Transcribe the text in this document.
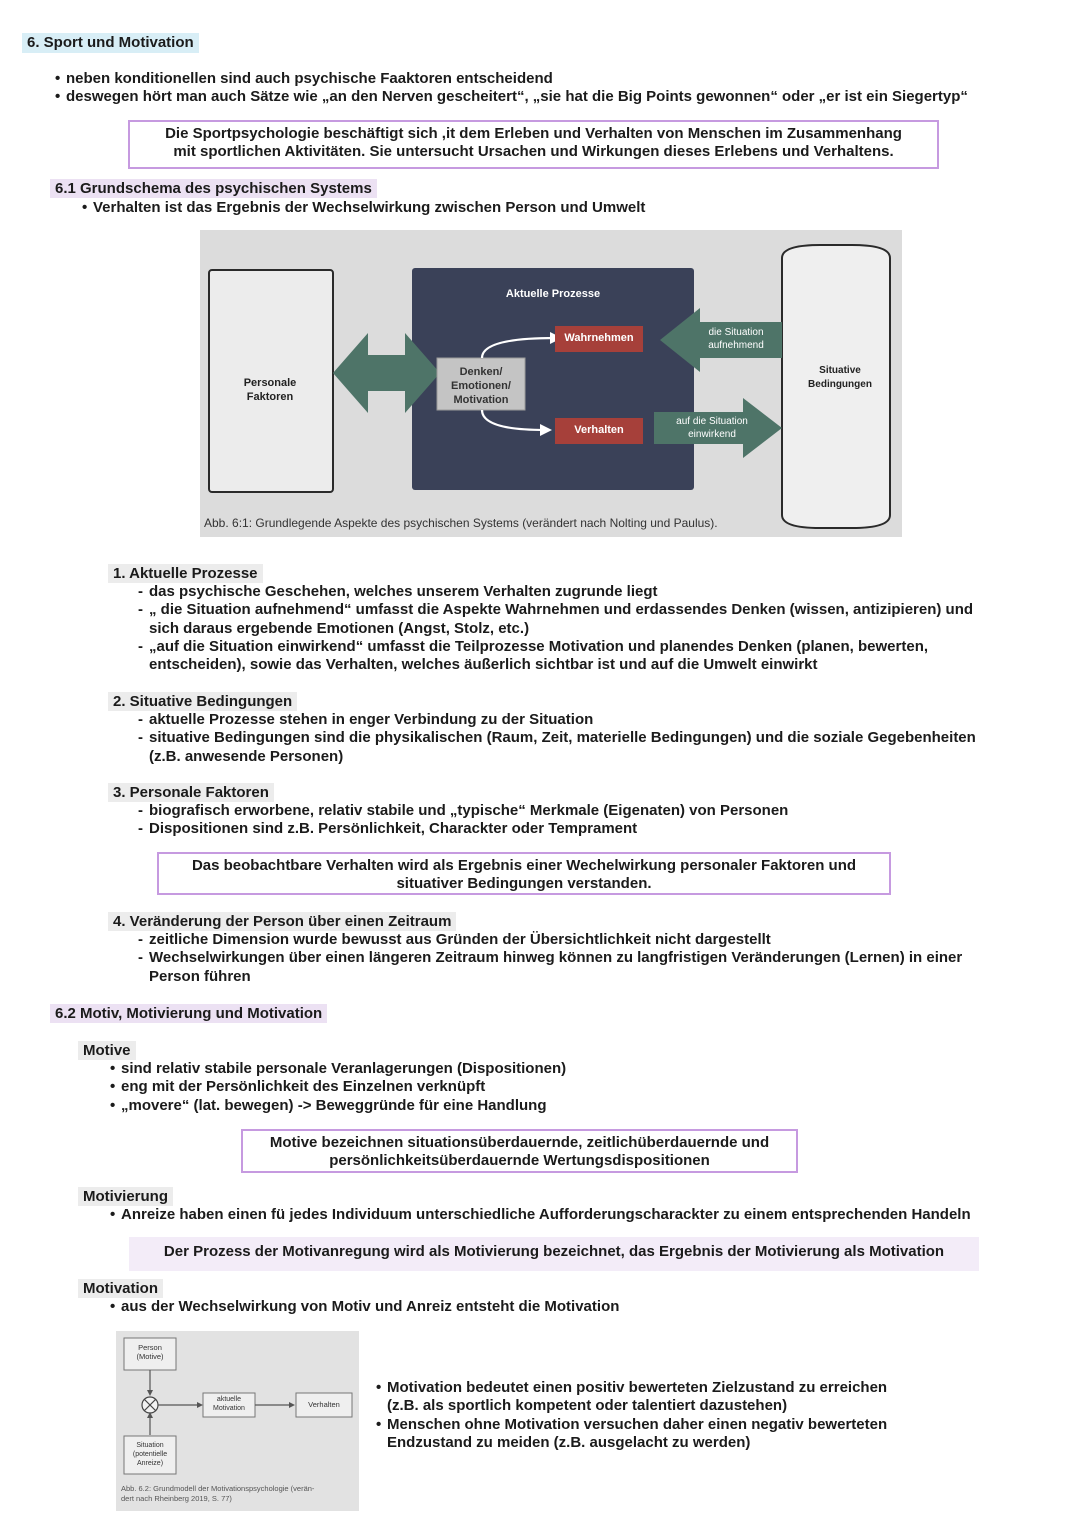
6. Sport und Motivation
• neben konditionellen sind auch psychische Faaktoren entscheidend
• deswegen hört man auch Sätze wie „an den Nerven gescheitert“, „sie hat die Big Points gewonnen“ oder „er ist ein Siegertyp“
Die Sportpsychologie beschäftigt sich ,it dem Erleben und Verhalten von Menschen im Zusammenhang
mit sportlichen Aktivitäten. Sie untersucht Ursachen und Wirkungen dieses Erlebens und Verhaltens.
6.1 Grundschema des psychischen Systems
• Verhalten ist das Ergebnis der Wechselwirkung zwischen Person und Umwelt
Personale
Faktoren
Aktuelle Prozesse
Denken/
Emotionen/
Motivation
Wahrnehmen
Verhalten
die Situation
aufnehmend
auf die Situation
einwirkend
Situative
Bedingungen
Abb. 6:1: Grundlegende Aspekte des psychischen Systems (verändert nach Nolting und Paulus).
1. Aktuelle Prozesse
- das psychische Geschehen, welches unserem Verhalten zugrunde liegt
- „ die Situation aufnehmend“ umfasst die Aspekte Wahrnehmen und erdassendes Denken (wissen, antizipieren) und
sich daraus ergebende Emotionen (Angst, Stolz, etc.)
- „auf die Situation einwirkend“ umfasst die Teilprozesse Motivation und planendes Denken (planen, bewerten,
entscheiden), sowie das Verhalten, welches äußerlich sichtbar ist und auf die Umwelt einwirkt
2. Situative Bedingungen
- aktuelle Prozesse stehen in enger Verbindung zu der Situation
- situative Bedingungen sind die physikalischen (Raum, Zeit, materielle Bedingungen) und die soziale Gegebenheiten
(z.B. anwesende Personen)
3. Personale Faktoren
- biografisch erworbene, relativ stabile und „typische“ Merkmale (Eigenaten) von Personen
- Dispositionen sind z.B. Persönlichkeit, Charackter oder Temprament
Das beobachtbare Verhalten wird als Ergebnis einer Wechelwirkung personaler Faktoren und
situativer Bedingungen verstanden.
4. Veränderung der Person über einen Zeitraum
- zeitliche Dimension wurde bewusst aus Gründen der Übersichtlichkeit nicht dargestellt
- Wechselwirkungen über einen längeren Zeitraum hinweg können zu langfristigen Veränderungen (Lernen) in einer
Person führen
6.2 Motiv, Motivierung und Motivation
Motive
• sind relativ stabile personale Veranlagerungen (Dispositionen)
• eng mit der Persönlichkeit des Einzelnen verknüpft
• „movere“ (lat. bewegen) -> Beweggründe für eine Handlung
Motive bezeichnen situationsüberdauernde, zeitlichüberdauernde und
persönlichkeitsüberdauernde Wertungsdispositionen
Motivierung
• Anreize haben einen fü jedes Individuum unterschiedliche Aufforderungscharackter zu einem entsprechenden Handeln
Der Prozess der Motivanregung wird als Motivierung bezeichnet, das Ergebnis der Motivierung als Motivation
Motivation
• aus der Wechselwirkung von Motiv und Anreiz entsteht die Motivation
Person
(Motive)
aktuelle
Motivation	Verhalten
Situation
(potentielle
Anreize)
Abb. 6.2: Grundmodell der Motivationspsychologie (verän-
dert nach Rheinberg 2019, S. 77)
• Motivation bedeutet einen positiv bewerteten Zielzustand zu erreichen
(z.B. als sportlich kompetent oder talentiert dazustehen)
• Menschen ohne Motivation versuchen daher einen negativ bewerteten
Endzustand zu meiden (z.B. ausgelacht zu werden)
